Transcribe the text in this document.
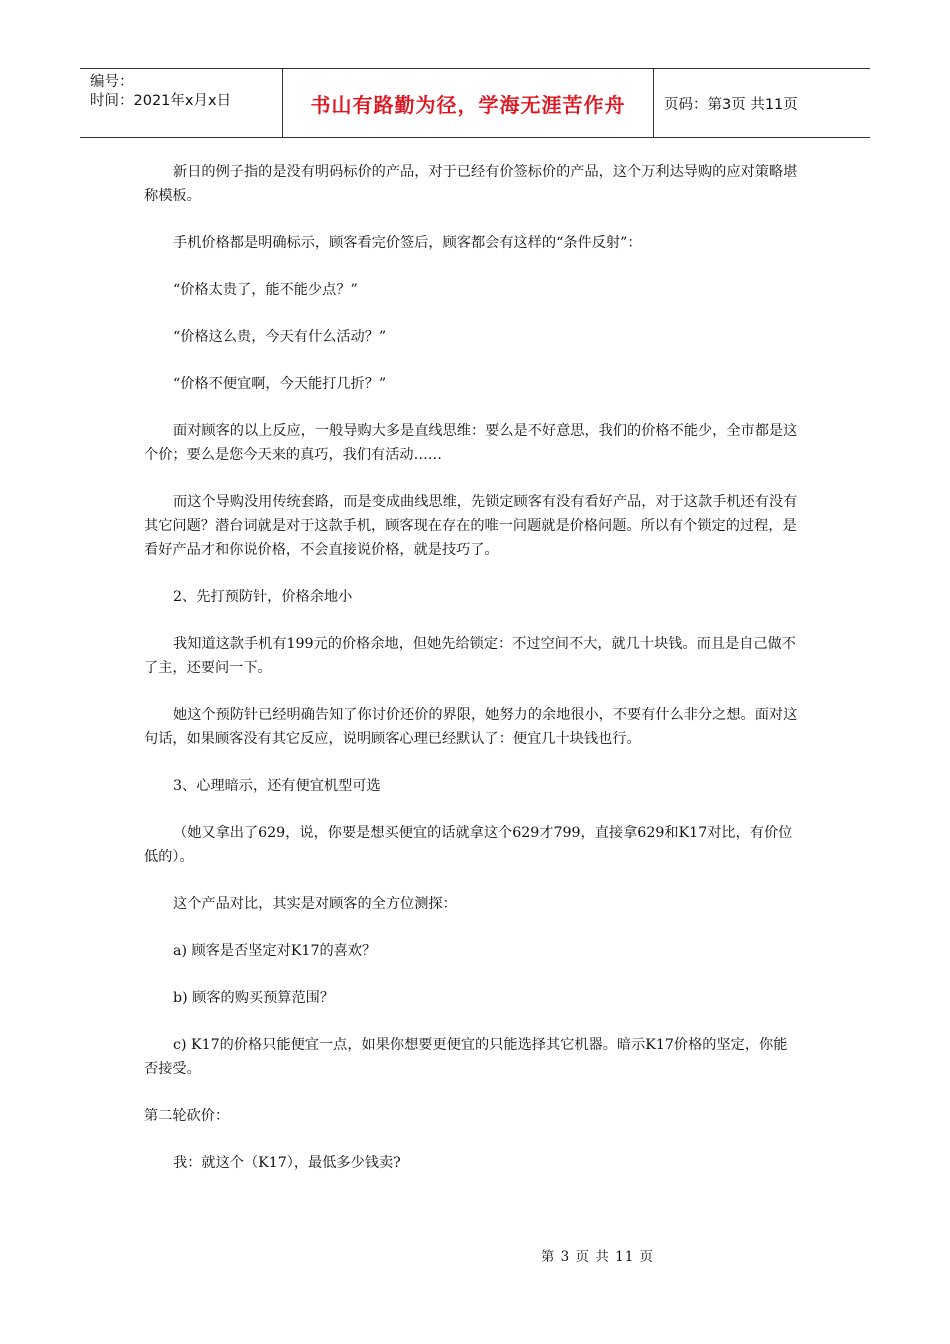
编号：
时间：2021年x月x日	书山有路勤为径，学海无涯苦作舟	页码：第3页 共11页

新日的例子指的是没有明码标价的产品，对于已经有价签标价的产品，这个万利达导购的应对策略堪称模板。

手机价格都是明确标示，顾客看完价签后，顾客都会有这样的“条件反射”：

“价格太贵了，能不能少点？”

“价格这么贵，今天有什么活动？”

“价格不便宜啊，今天能打几折？”

面对顾客的以上反应，一般导购大多是直线思维：要么是不好意思，我们的价格不能少，全市都是这个价；要么是您今天来的真巧，我们有活动……

而这个导购没用传统套路，而是变成曲线思维，先锁定顾客有没有看好产品，对于这款手机还有没有其它问题？潜台词就是对于这款手机，顾客现在存在的唯一问题就是价格问题。所以有个锁定的过程，是看好产品才和你说价格，不会直接说价格，就是技巧了。

2、先打预防针，价格余地小

我知道这款手机有199元的价格余地，但她先给锁定：不过空间不大，就几十块钱。而且是自己做不了主，还要问一下。

她这个预防针已经明确告知了你讨价还价的界限，她努力的余地很小，不要有什么非分之想。面对这句话，如果顾客没有其它反应，说明顾客心理已经默认了：便宜几十块钱也行。

3、心理暗示，还有便宜机型可选

（她又拿出了629，说，你要是想买便宜的话就拿这个629才799，直接拿629和K17对比，有价位低的）。

这个产品对比，其实是对顾客的全方位测探：

a) 顾客是否坚定对K17的喜欢？

b) 顾客的购买预算范围？

c) K17的价格只能便宜一点，如果你想要更便宜的只能选择其它机器。暗示K17价格的坚定，你能否接受。

第二轮砍价：

我：就这个（K17），最低多少钱卖?

第 3 页 共 11 页
